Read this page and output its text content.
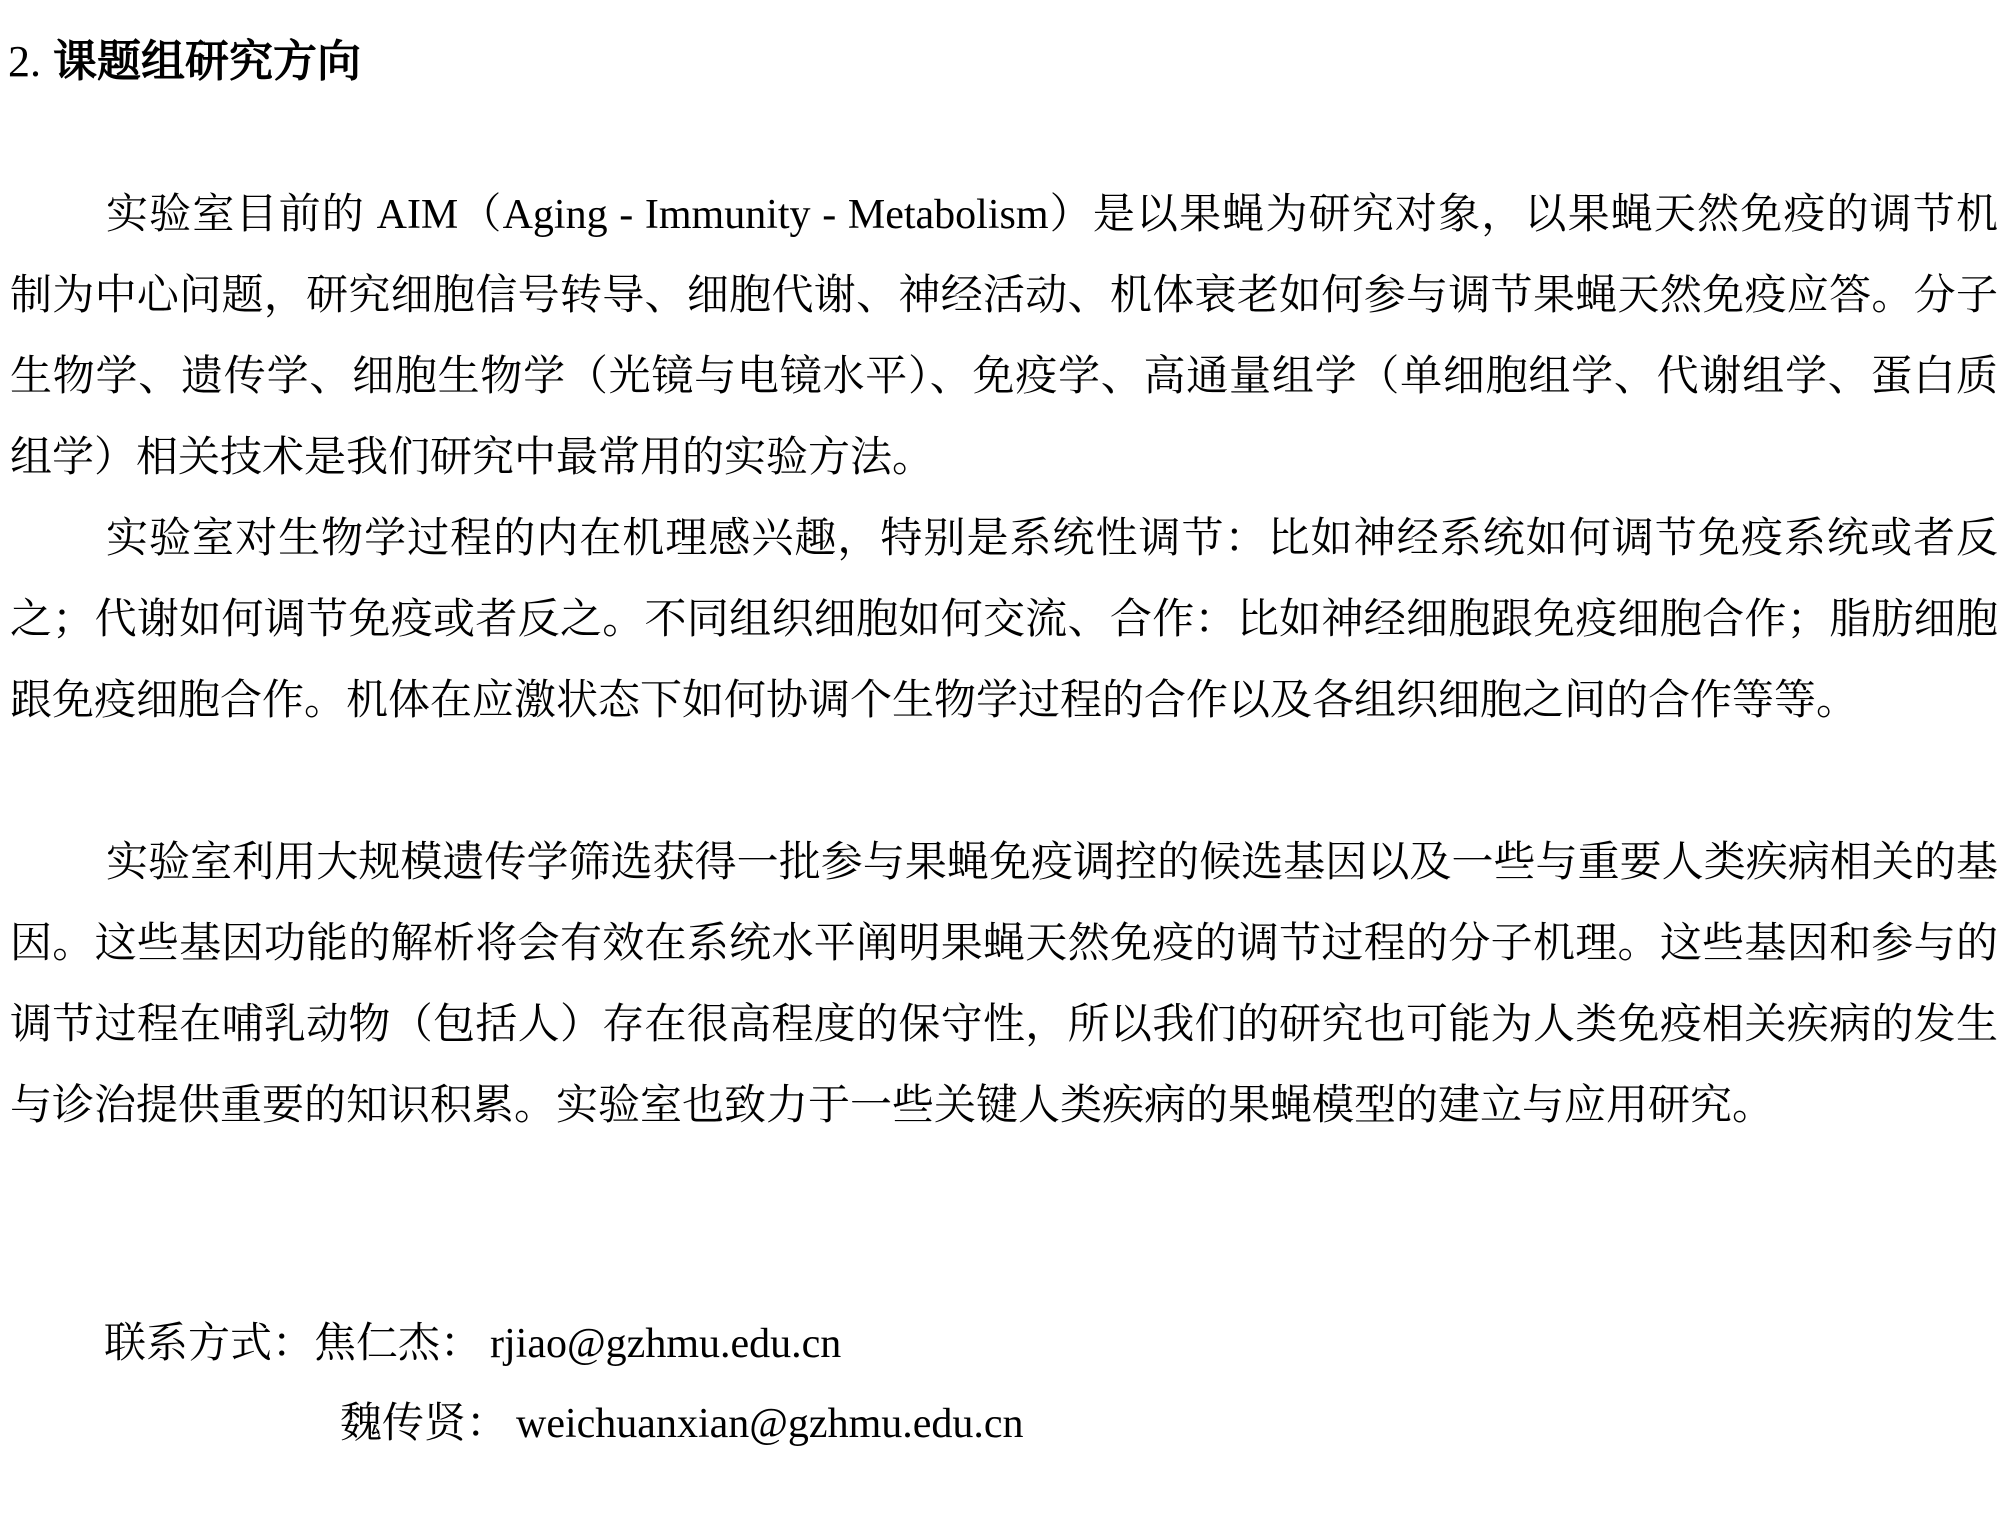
2. 课题组研究方向

实验室目前的 AIM（Aging - Immunity - Metabolism）是以果蝇为研究对象，以果蝇天然免疫的调节机制为中心问题，研究细胞信号转导、细胞代谢、神经活动、机体衰老如何参与调节果蝇天然免疫应答。分子生物学、遗传学、细胞生物学（光镜与电镜水平）、免疫学、高通量组学（单细胞组学、代谢组学、蛋白质组学）相关技术是我们研究中最常用的实验方法。

实验室对生物学过程的内在机理感兴趣，特别是系统性调节：比如神经系统如何调节免疫系统或者反之；代谢如何调节免疫或者反之。不同组织细胞如何交流、合作：比如神经细胞跟免疫细胞合作；脂肪细胞跟免疫细胞合作。机体在应激状态下如何协调个生物学过程的合作以及各组织细胞之间的合作等等。

实验室利用大规模遗传学筛选获得一批参与果蝇免疫调控的候选基因以及一些与重要人类疾病相关的基因。这些基因功能的解析将会有效在系统水平阐明果蝇天然免疫的调节过程的分子机理。这些基因和参与的调节过程在哺乳动物（包括人）存在很高程度的保守性，所以我们的研究也可能为人类免疫相关疾病的发生与诊治提供重要的知识积累。实验室也致力于一些关键人类疾病的果蝇模型的建立与应用研究。

联系方式：焦仁杰： rjiao@gzhmu.edu.cn
魏传贤： weichuanxian@gzhmu.edu.cn
